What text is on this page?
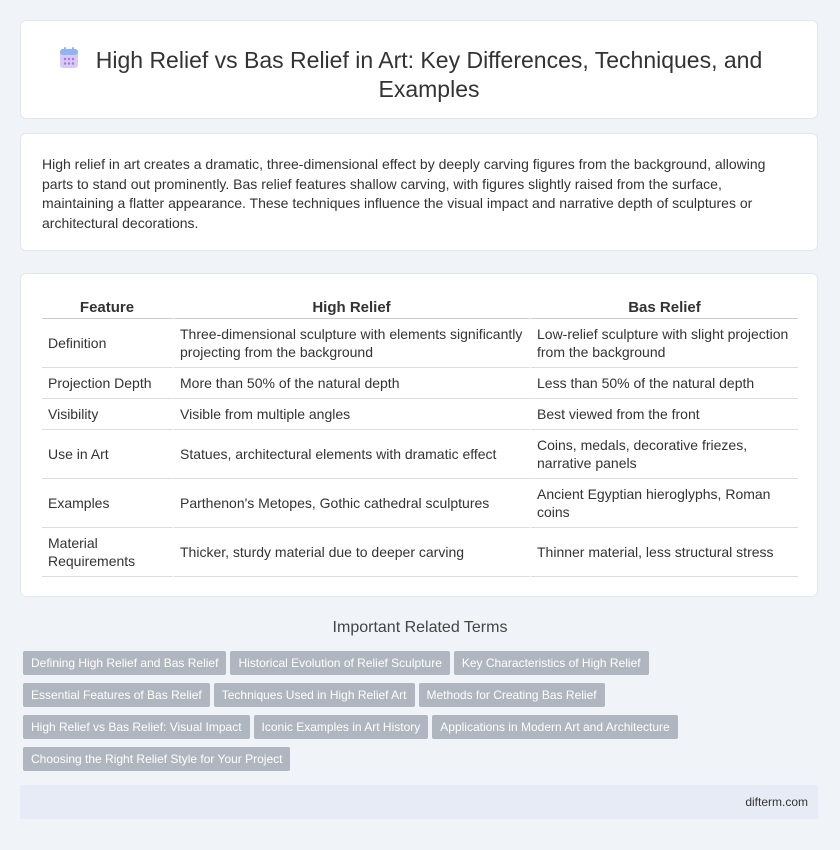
High Relief vs Bas Relief in Art: Key Differences, Techniques, and Examples
High relief in art creates a dramatic, three-dimensional effect by deeply carving figures from the background, allowing parts to stand out prominently. Bas relief features shallow carving, with figures slightly raised from the surface, maintaining a flatter appearance. These techniques influence the visual impact and narrative depth of sculptures or architectural decorations.
Feature	High Relief	Bas Relief
Definition	Three-dimensional sculpture with elements significantly projecting from the background	Low-relief sculpture with slight projection from the background
Projection Depth	More than 50% of the natural depth	Less than 50% of the natural depth
Visibility	Visible from multiple angles	Best viewed from the front
Use in Art	Statues, architectural elements with dramatic effect	Coins, medals, decorative friezes, narrative panels
Examples	Parthenon's Metopes, Gothic cathedral sculptures	Ancient Egyptian hieroglyphs, Roman coins
Material Requirements	Thicker, sturdy material due to deeper carving	Thinner material, less structural stress
Important Related Terms
Defining High Relief and Bas Relief Historical Evolution of Relief Sculpture Key Characteristics of High Relief
Essential Features of Bas Relief Techniques Used in High Relief Art Methods for Creating Bas Relief
High Relief vs Bas Relief: Visual Impact Iconic Examples in Art History Applications in Modern Art and Architecture
Choosing the Right Relief Style for Your Project
difterm.com
